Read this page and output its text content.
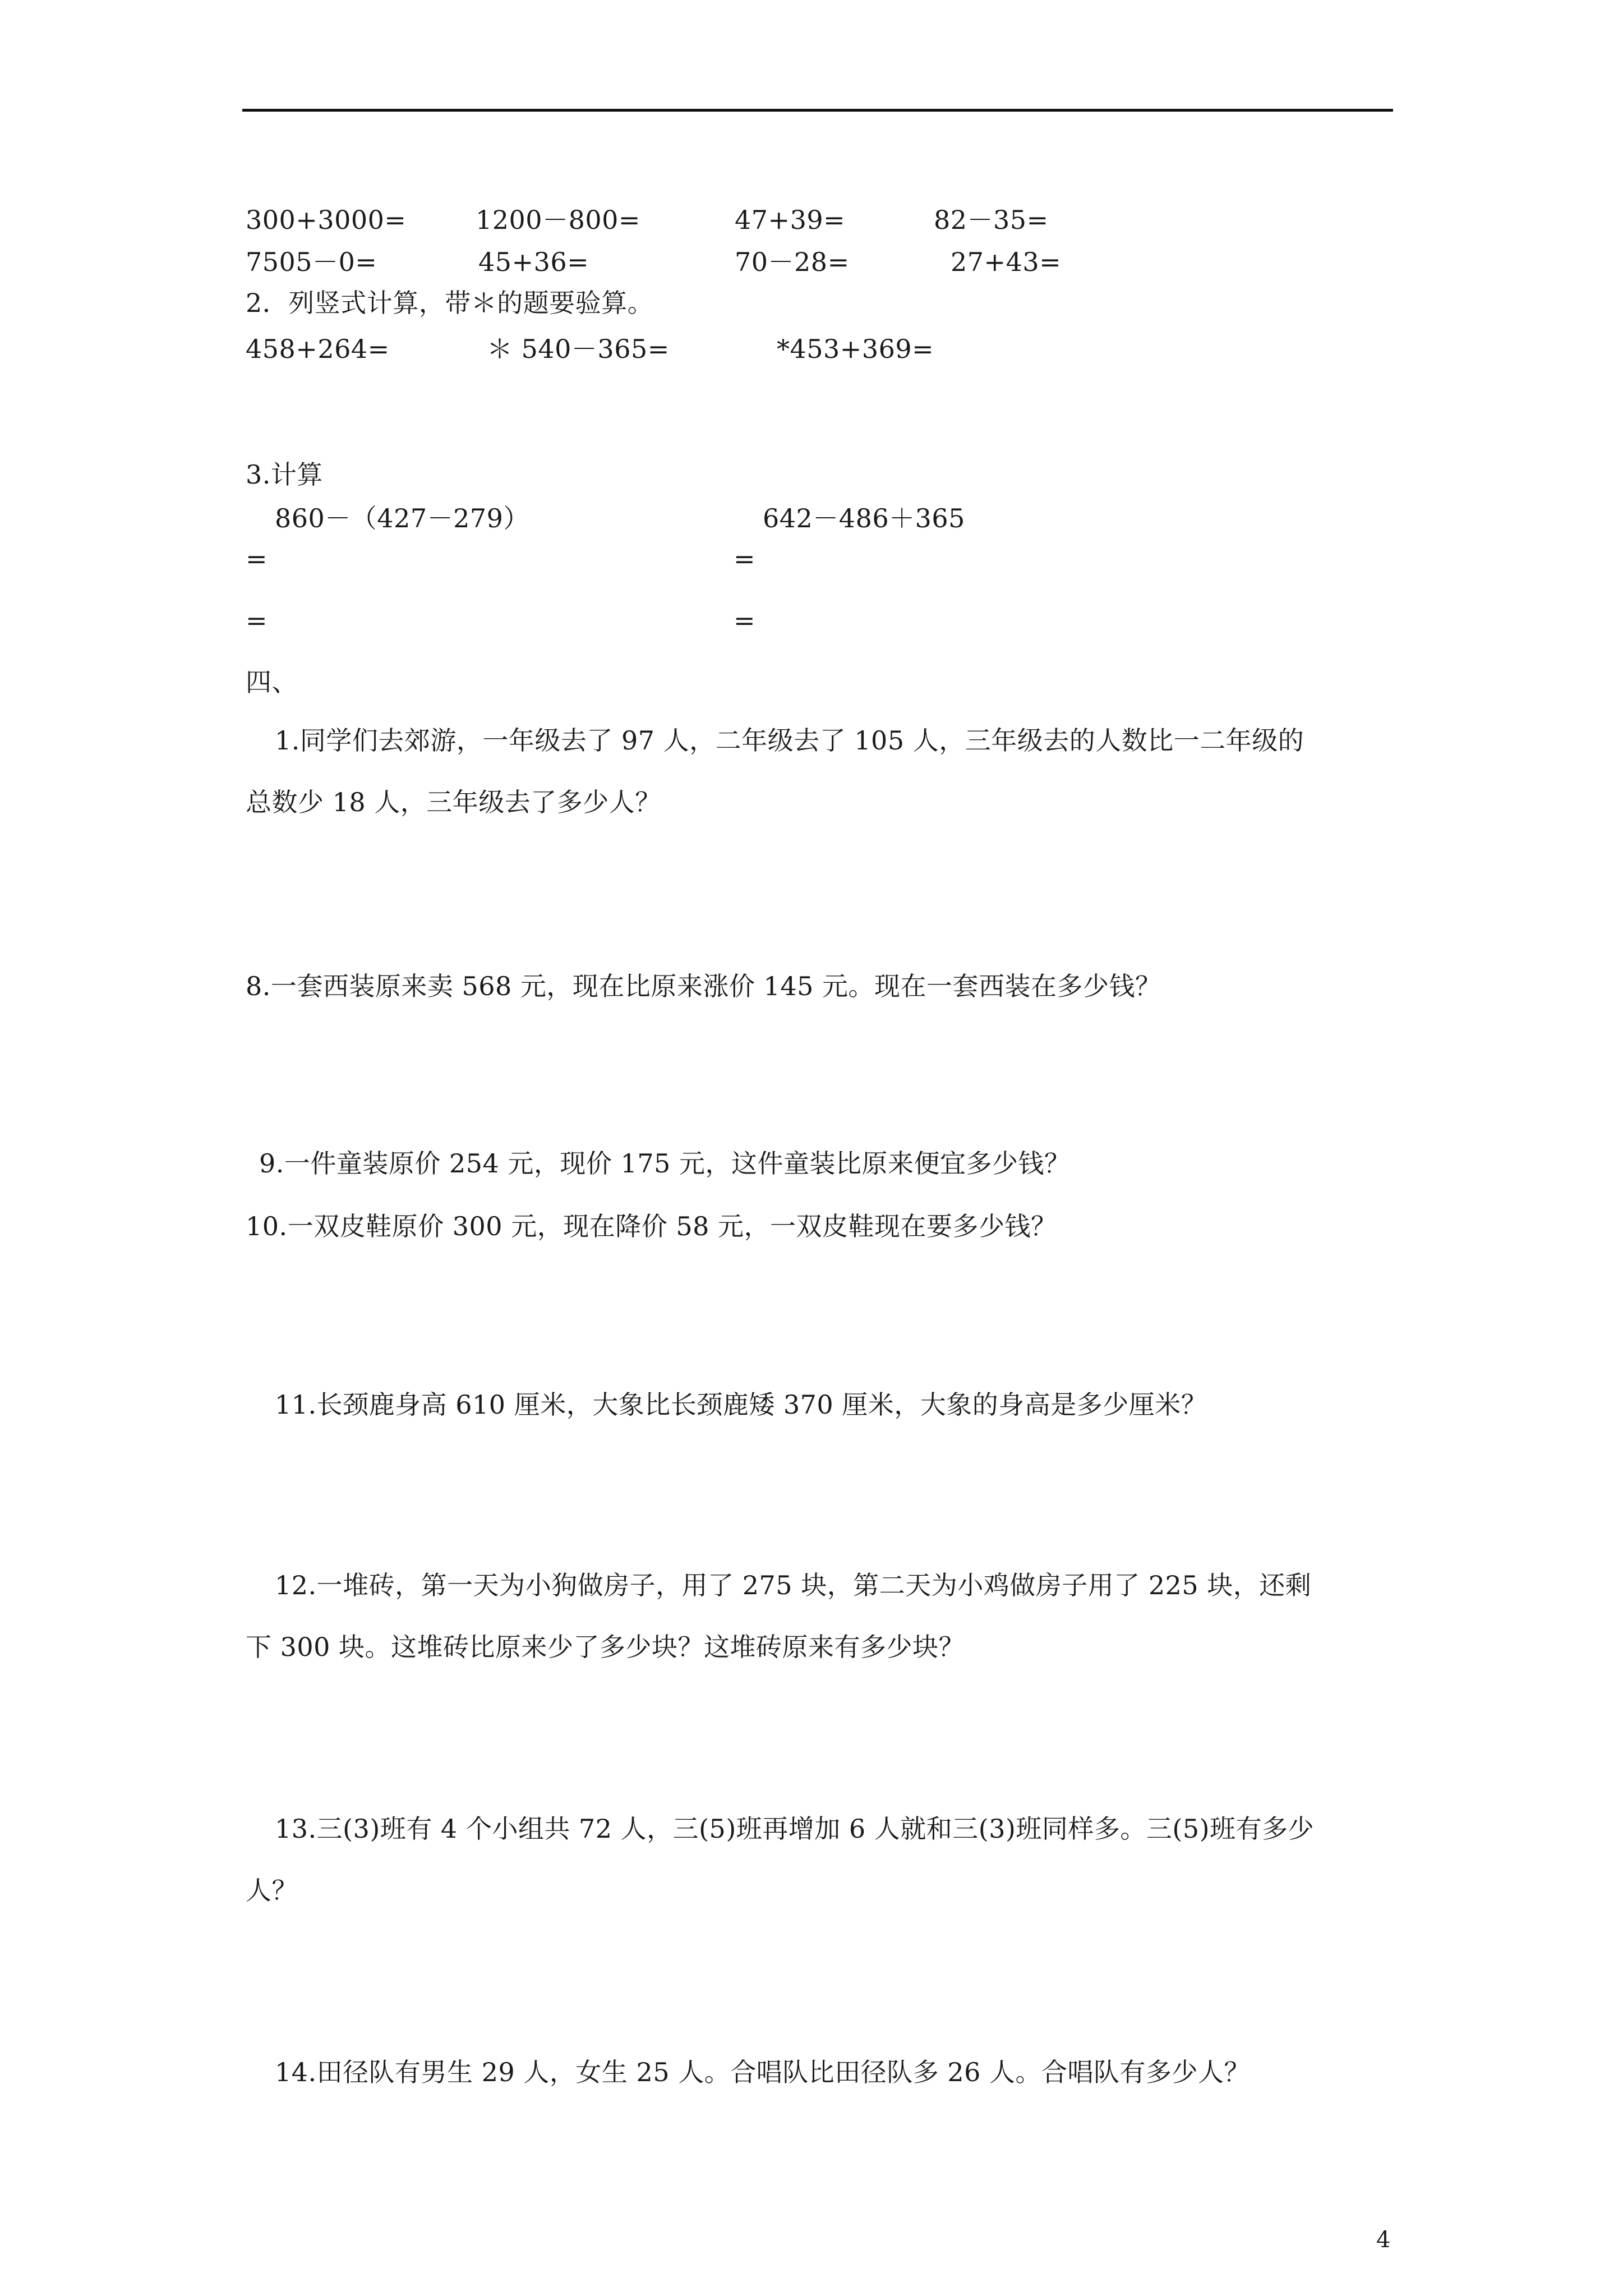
300+3000=	1200－800=	47+39=	82－35=
7505－0=	45+36=	70－28=	27+43=
2．列竖式计算，带＊的题要验算。
458+264=	＊ 540－365=	*453+369=
3.计算
860－（427－279）	642－486＋365
=	=
=	=
四、
1.同学们去郊游，一年级去了 97 人，二年级去了 105 人，三年级去的人数比一二年级的
总数少 18 人，三年级去了多少人？
8.一套西装原来卖 568 元，现在比原来涨价 145 元。现在一套西装在多少钱？
9.一件童装原价 254 元，现价 175 元，这件童装比原来便宜多少钱？
10.一双皮鞋原价 300 元，现在降价 58 元，一双皮鞋现在要多少钱？
11.长颈鹿身高 610 厘米，大象比长颈鹿矮 370 厘米，大象的身高是多少厘米？
12.一堆砖，第一天为小狗做房子，用了 275 块，第二天为小鸡做房子用了 225 块，还剩
下 300 块。这堆砖比原来少了多少块？这堆砖原来有多少块？
13.三(3)班有 4 个小组共 72 人，三(5)班再增加 6 人就和三(3)班同样多。三(5)班有多少
人？
14.田径队有男生 29 人，女生 25 人。合唱队比田径队多 26 人。合唱队有多少人？
4
